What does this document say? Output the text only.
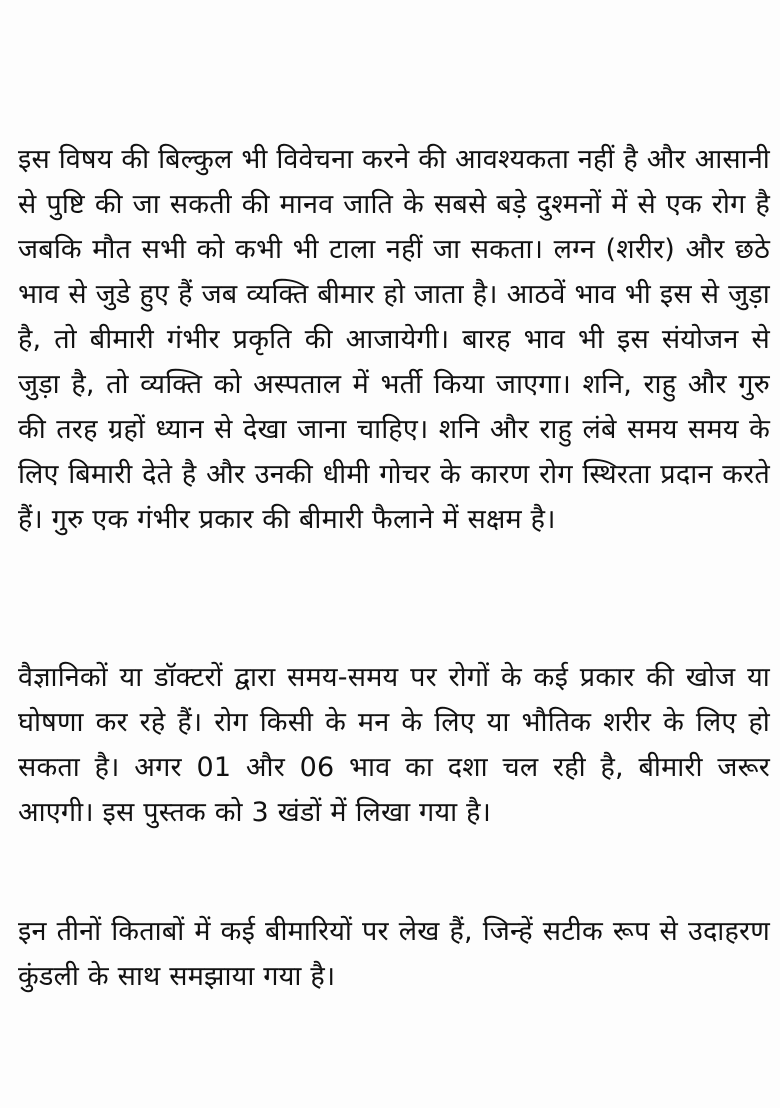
इस विषय की बिल्कुल भी विवेचना करने की आवश्यकता नहीं है और आसानी से पुष्टि की जा सकती की मानव जाति के सबसे बड़े दुश्मनों में से एक रोग है जबकि मौत सभी को कभी भी टाला नहीं जा सकता। लग्न (शरीर) और छठे भाव से जुडे हुए हैं जब व्यक्ति बीमार हो जाता है। आठवें भाव भी इस से जुड़ा है, तो बीमारी गंभीर प्रकृति की आजायेगी। बारह भाव भी इस संयोजन से जुड़ा है, तो व्यक्ति को अस्पताल में भर्ती किया जाएगा। शनि, राहु और गुरु की तरह ग्रहों ध्यान से देखा जाना चाहिए। शनि और राहु लंबे समय समय के लिए बिमारी देते है और उनकी धीमी गोचर के कारण रोग स्थिरता प्रदान करते हैं। गुरु एक गंभीर प्रकार की बीमारी फैलाने में सक्षम है।

वैज्ञानिकों या डॉक्टरों द्वारा समय-समय पर रोगों के कई प्रकार की खोज या घोषणा कर रहे हैं। रोग किसी के मन के लिए या भौतिक शरीर के लिए हो सकता है। अगर 01 और 06 भाव का दशा चल रही है, बीमारी जरूर आएगी। इस पुस्तक को 3 खंडों में लिखा गया है।

इन तीनों किताबों में कई बीमारियों पर लेख हैं, जिन्हें सटीक रूप से उदाहरण कुंडली के साथ समझाया गया है।
